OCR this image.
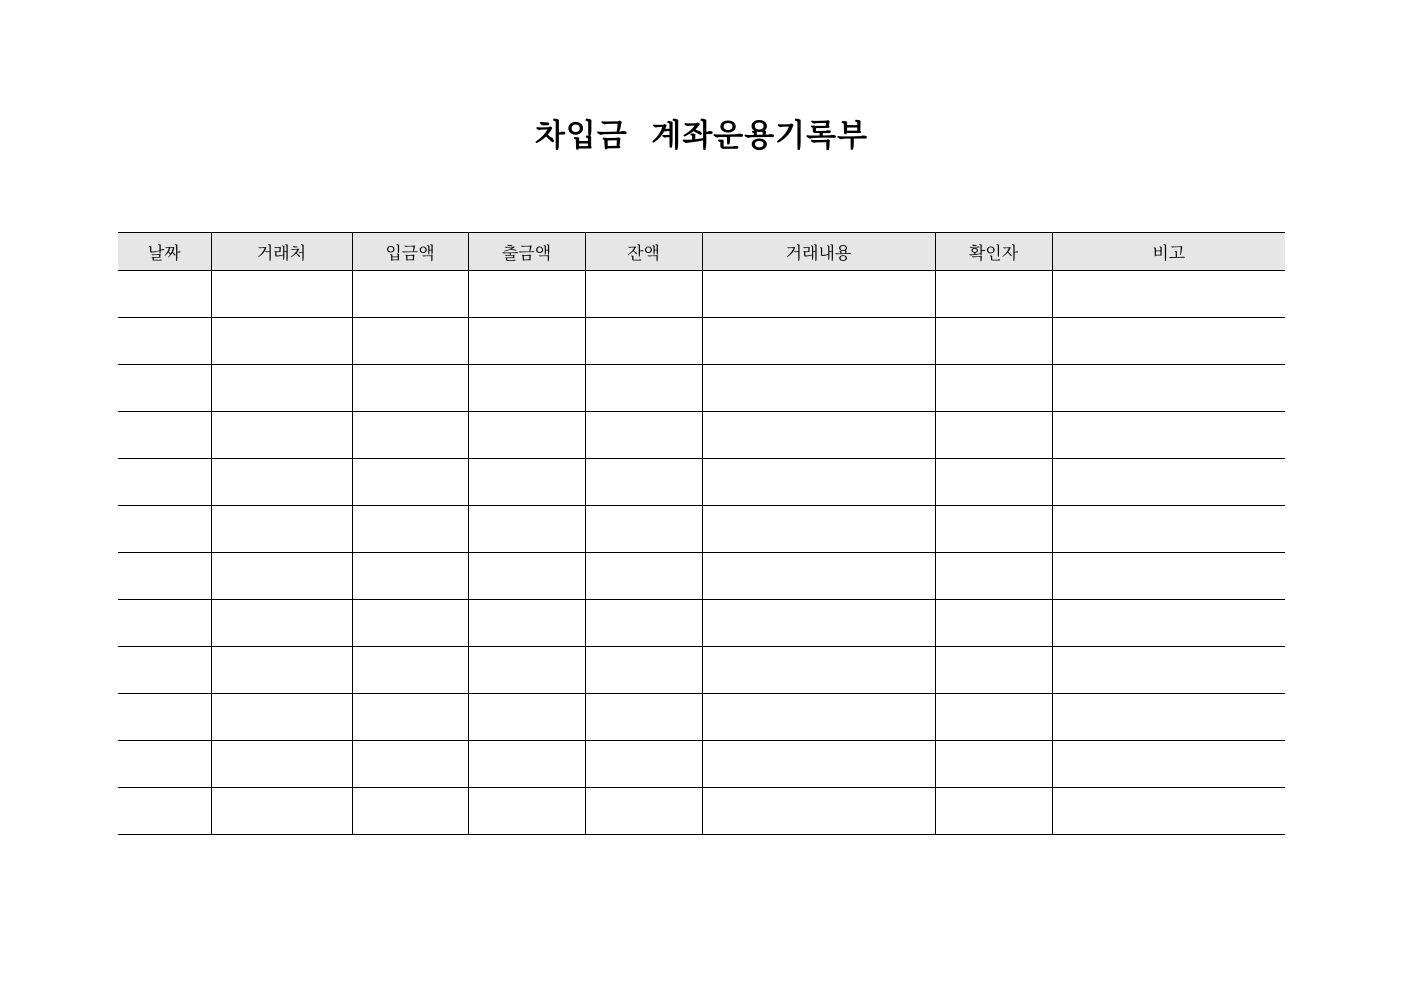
차입금  계좌운용기록부
날짜	거래처	입금액	출금액	잔액	거래내용	확인자	비고
